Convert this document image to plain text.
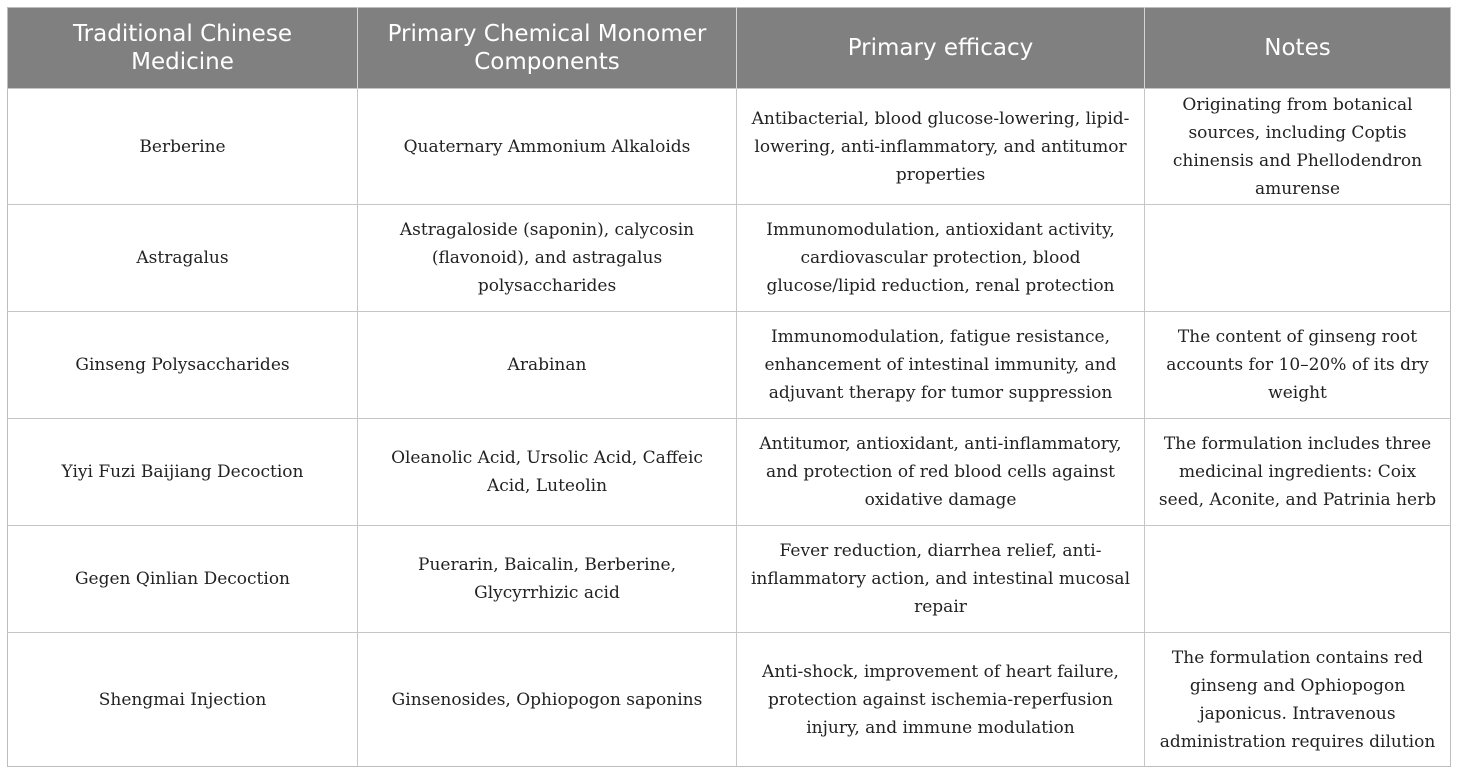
Traditional Chinese Medicine	Primary Chemical Monomer Components	Primary efficacy	Notes
Berberine	Quaternary Ammonium Alkaloids	Antibacterial, blood glucose-lowering, lipid-lowering, anti-inflammatory, and antitumor properties	Originating from botanical sources, including Coptis chinensis and Phellodendron amurense
Astragalus	Astragaloside (saponin), calycosin (flavonoid), and astragalus polysaccharides	Immunomodulation, antioxidant activity, cardiovascular protection, blood glucose/lipid reduction, renal protection	
Ginseng Polysaccharides	Arabinan	Immunomodulation, fatigue resistance, enhancement of intestinal immunity, and adjuvant therapy for tumor suppression	The content of ginseng root accounts for 10–20% of its dry weight
Yiyi Fuzi Baijiang Decoction	Oleanolic Acid, Ursolic Acid, Caffeic Acid, Luteolin	Antitumor, antioxidant, anti-inflammatory, and protection of red blood cells against oxidative damage	The formulation includes three medicinal ingredients: Coix seed, Aconite, and Patrinia herb
Gegen Qinlian Decoction	Puerarin, Baicalin, Berberine, Glycyrrhizic acid	Fever reduction, diarrhea relief, anti-inflammatory action, and intestinal mucosal repair	
Shengmai Injection	Ginsenosides, Ophiopogon saponins	Anti-shock, improvement of heart failure, protection against ischemia-reperfusion injury, and immune modulation	The formulation contains red ginseng and Ophiopogon japonicus. Intravenous administration requires dilution
